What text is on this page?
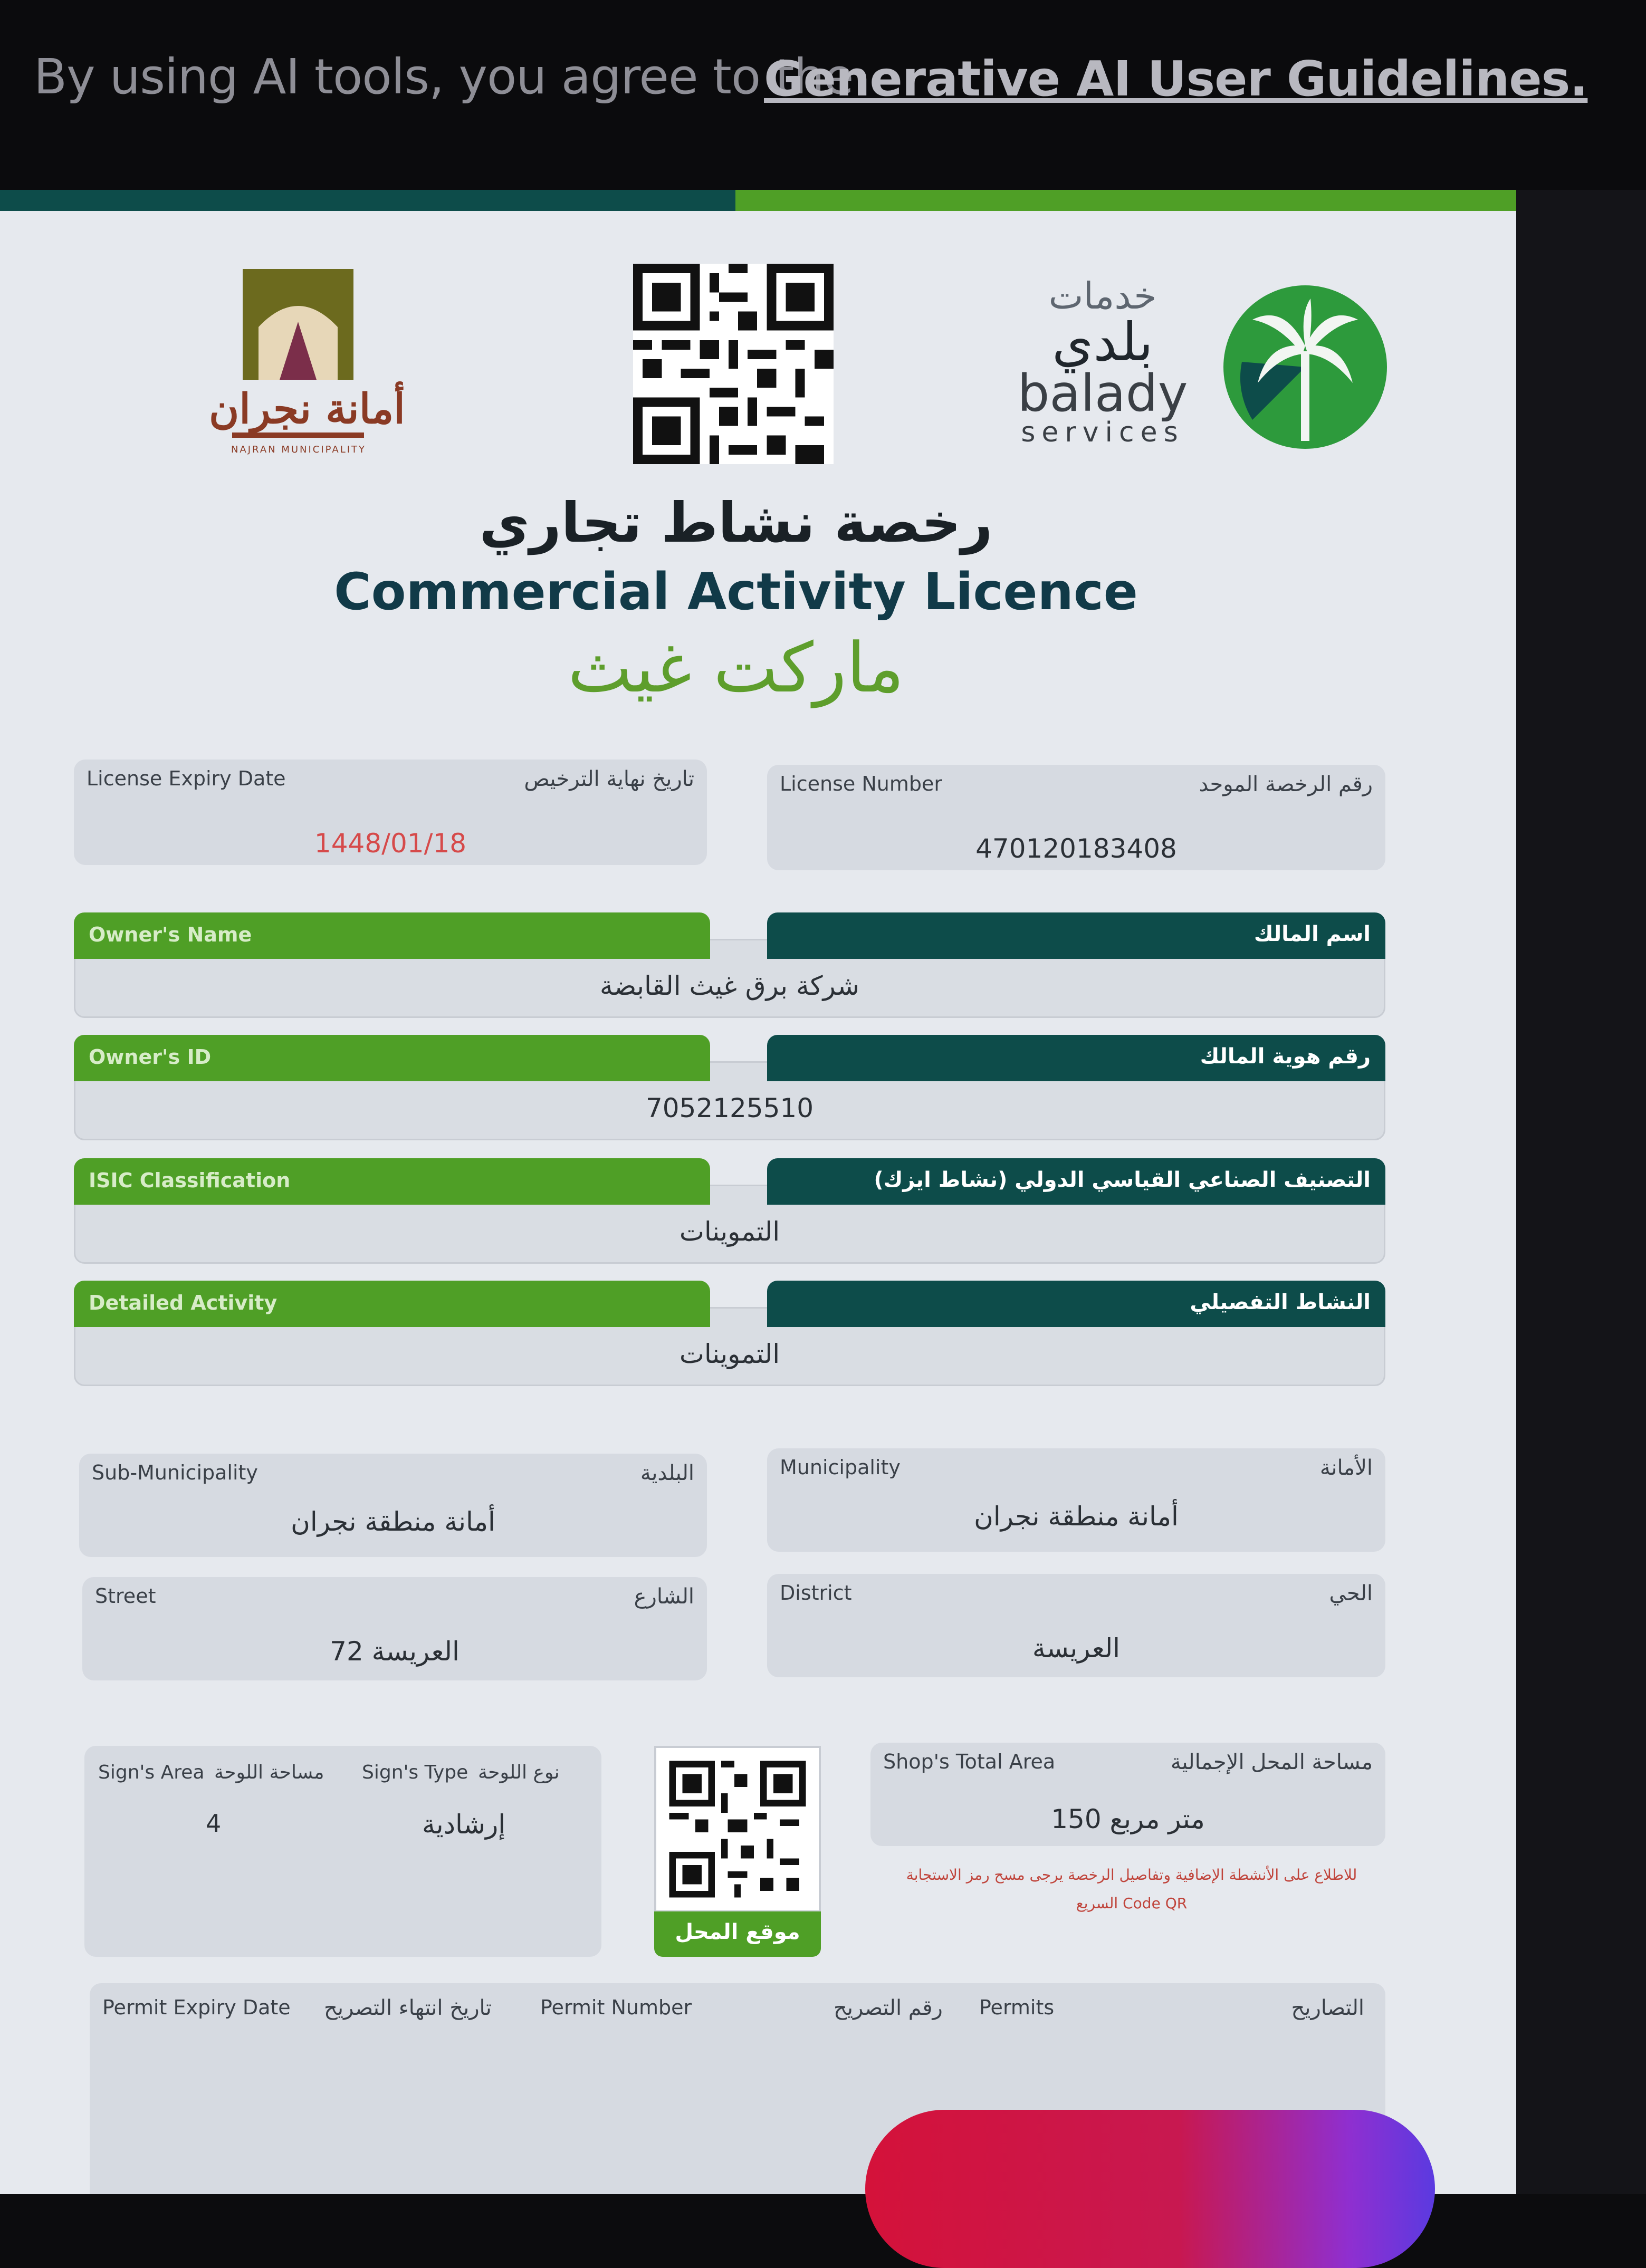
By using AI tools, you agree to the
Generative AI User Guidelines.
أمانة نجران
NAJRAN MUNICIPALITY
خدمات
بلدي
balady
services
رخصة نشاط تجاري
Commercial Activity Licence
ماركت غيث
License Expiry Date	تاريخ نهاية الترخيص
1448/01/18
License Number	رقم الرخصة الموحد
470120183408
Owner's Name	اسم المالك
شركة برق غيث القابضة
Owner's ID	رقم هوية المالك
7052125510
ISIC Classification	التصنيف الصناعي القياسي الدولي (نشاط ايزك)
التموينات
Detailed Activity	النشاط التفصيلي
التموينات
Sub-Municipality	البلدية
أمانة منطقة نجران
Municipality	الأمانة
أمانة منطقة نجران
Street	الشارع
العريسة 72
District	الحي
العريسة
Sign's Area مساحة اللوحة Sign's Type نوع اللوحة
4	إرشادية
موقع المحل
Shop's Total Area	مساحة المحل الإجمالية
150 متر مربع
للاطلاع على الأنشطة الإضافية وتفاصيل الرخصة يرجى مسح رمز الاستجابة
السريع Code QR
Permit Expiry Date تاريخ انتهاء التصريح Permit Number	رقم التصريح Permits	التصاريح
